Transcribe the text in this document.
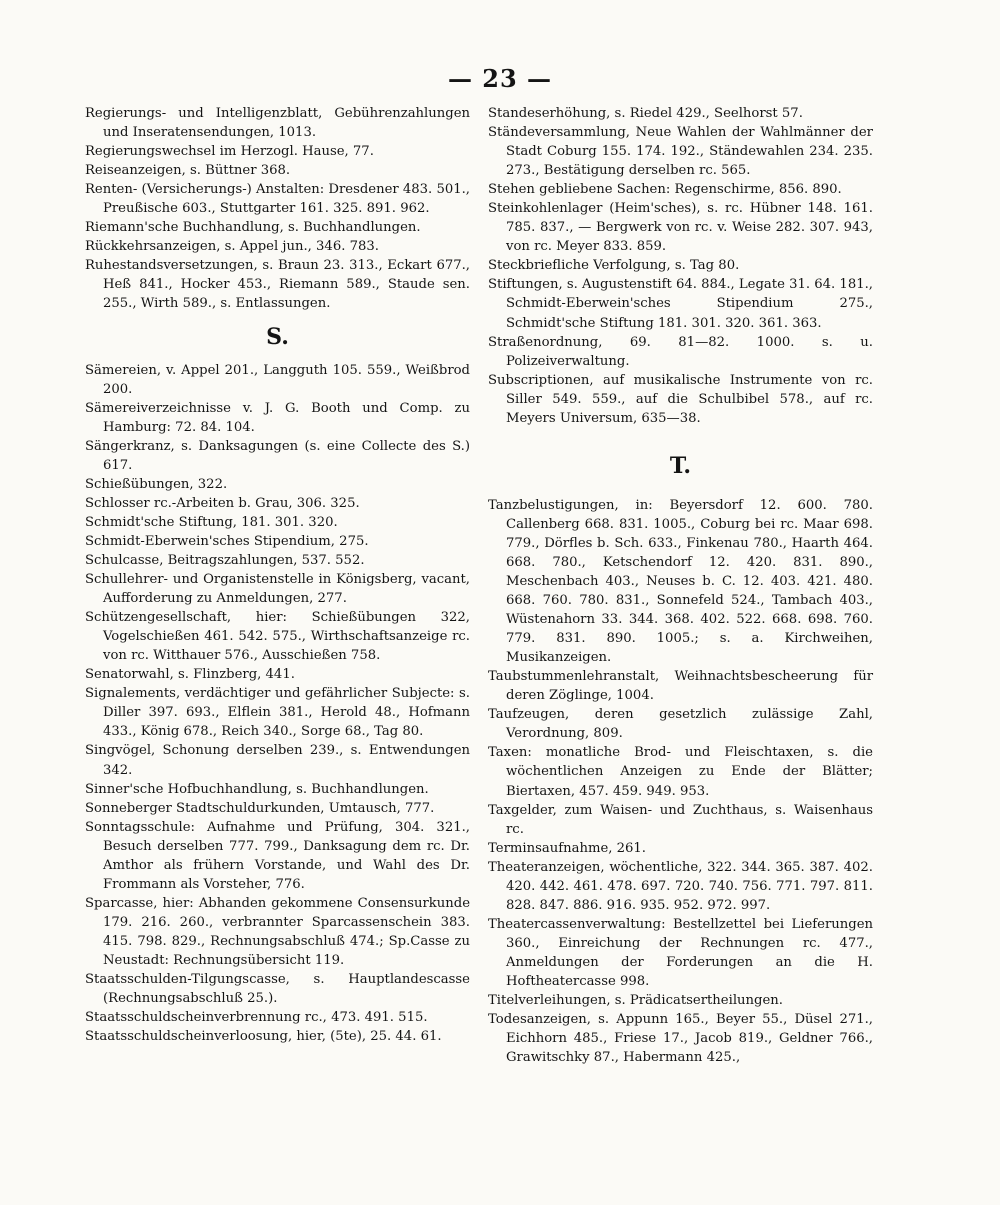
— 23 —

Regierungs- und Intelligenzblatt, Gebührenzahlungen und Inseratensendungen, 1013.

Regierungswechsel im Herzogl. Hause, 77.

Reiseanzeigen, s. Büttner 368.

Renten- (Versicherungs-) Anstalten: Dresdener 483. 501., Preußische 603., Stuttgarter 161. 325. 891. 962.

Riemann'sche Buchhandlung, s. Buchhandlungen.

Rückkehrsanzeigen, s. Appel jun., 346. 783.

Ruhestandsversetzungen, s. Braun 23. 313., Eckart 677., Heß 841., Hocker 453., Riemann 589., Staude sen. 255., Wirth 589., s. Entlassungen.

S.

Sämereien, v. Appel 201., Langguth 105. 559., Weißbrod 200.

Sämereiverzeichnisse v. J. G. Booth und Comp. zu Hamburg: 72. 84. 104.

Sängerkranz, s. Danksagungen (s. eine Collecte des S.) 617.

Schießübungen, 322.

Schlosser rc.-Arbeiten b. Grau, 306. 325.

Schmidt'sche Stiftung, 181. 301. 320.

Schmidt-Eberwein'sches Stipendium, 275.

Schulcasse, Beitragszahlungen, 537. 552.

Schullehrer- und Organistenstelle in Königsberg, vacant, Aufforderung zu Anmeldungen, 277.

Schützengesellschaft, hier: Schießübungen 322, Vogelschießen 461. 542. 575., Wirthschaftsanzeige rc. von rc. Witthauer 576., Ausschießen 758.

Senatorwahl, s. Flinzberg, 441.

Signalements, verdächtiger und gefährlicher Subjecte: s. Diller 397. 693., Elflein 381., Herold 48., Hofmann 433., König 678., Reich 340., Sorge 68., Tag 80.

Singvögel, Schonung derselben 239., s. Entwendungen 342.

Sinner'sche Hofbuchhandlung, s. Buchhandlungen.

Sonneberger Stadtschuldurkunden, Umtausch, 777.

Sonntagsschule: Aufnahme und Prüfung, 304. 321., Besuch derselben 777. 799., Danksagung dem rc. Dr. Amthor als frühern Vorstande, und Wahl des Dr. Frommann als Vorsteher, 776.

Sparcasse, hier: Abhanden gekommene Consensurkunde 179. 216. 260., verbrannter Sparcassenschein 383. 415. 798. 829., Rechnungsabschluß 474.; Sp.Casse zu Neustadt: Rechnungsübersicht 119.

Staatsschulden-Tilgungscasse, s. Hauptlandescasse (Rechnungsabschluß 25.).

Staatsschuldscheinverbrennung rc., 473. 491. 515.

Staatsschuldscheinverloosung, hier, (5te), 25. 44. 61.

Standeserhöhung, s. Riedel 429., Seelhorst 57.

Ständeversammlung, Neue Wahlen der Wahlmänner der Stadt Coburg 155. 174. 192., Ständewahlen 234. 235. 273., Bestätigung derselben rc. 565.

Stehen gebliebene Sachen: Regenschirme, 856. 890.

Steinkohlenlager (Heim'sches), s. rc. Hübner 148. 161. 785. 837., — Bergwerk von rc. v. Weise 282. 307. 943, von rc. Meyer 833. 859.

Steckbriefliche Verfolgung, s. Tag 80.

Stiftungen, s. Augustenstift 64. 884., Legate 31. 64. 181., Schmidt-Eberwein'sches Stipendium 275., Schmidt'sche Stiftung 181. 301. 320. 361. 363.

Straßenordnung, 69. 81—82. 1000. s. u. Polizeiverwaltung.

Subscriptionen, auf musikalische Instrumente von rc. Siller 549. 559., auf die Schulbibel 578., auf rc. Meyers Universum, 635—38.

T.

Tanzbelustigungen, in: Beyersdorf 12. 600. 780. Callenberg 668. 831. 1005., Coburg bei rc. Maar 698. 779., Dörfles b. Sch. 633., Finkenau 780., Haarth 464. 668. 780., Ketschendorf 12. 420. 831. 890., Meschenbach 403., Neuses b. C. 12. 403. 421. 480. 668. 760. 780. 831., Sonnefeld 524., Tambach 403., Wüstenahorn 33. 344. 368. 402. 522. 668. 698. 760. 779. 831. 890. 1005.; s. a. Kirchweihen, Musikanzeigen.

Taubstummenlehranstalt, Weihnachtsbescheerung für deren Zöglinge, 1004.

Taufzeugen, deren gesetzlich zulässige Zahl, Verordnung, 809.

Taxen: monatliche Brod- und Fleischtaxen, s. die wöchentlichen Anzeigen zu Ende der Blätter; Biertaxen, 457. 459. 949. 953.

Taxgelder, zum Waisen- und Zuchthaus, s. Waisenhaus rc.

Terminsaufnahme, 261.

Theateranzeigen, wöchentliche, 322. 344. 365. 387. 402. 420. 442. 461. 478. 697. 720. 740. 756. 771. 797. 811. 828. 847. 886. 916. 935. 952. 972. 997.

Theatercassenverwaltung: Bestellzettel bei Lieferungen 360., Einreichung der Rechnungen rc. 477., Anmeldungen der Forderungen an die H. Hoftheatercasse 998.

Titelverleihungen, s. Prädicatsertheilungen.

Todesanzeigen, s. Appunn 165., Beyer 55., Düsel 271., Eichhorn 485., Friese 17., Jacob 819., Geldner 766., Grawitschky 87., Habermann 425.,
